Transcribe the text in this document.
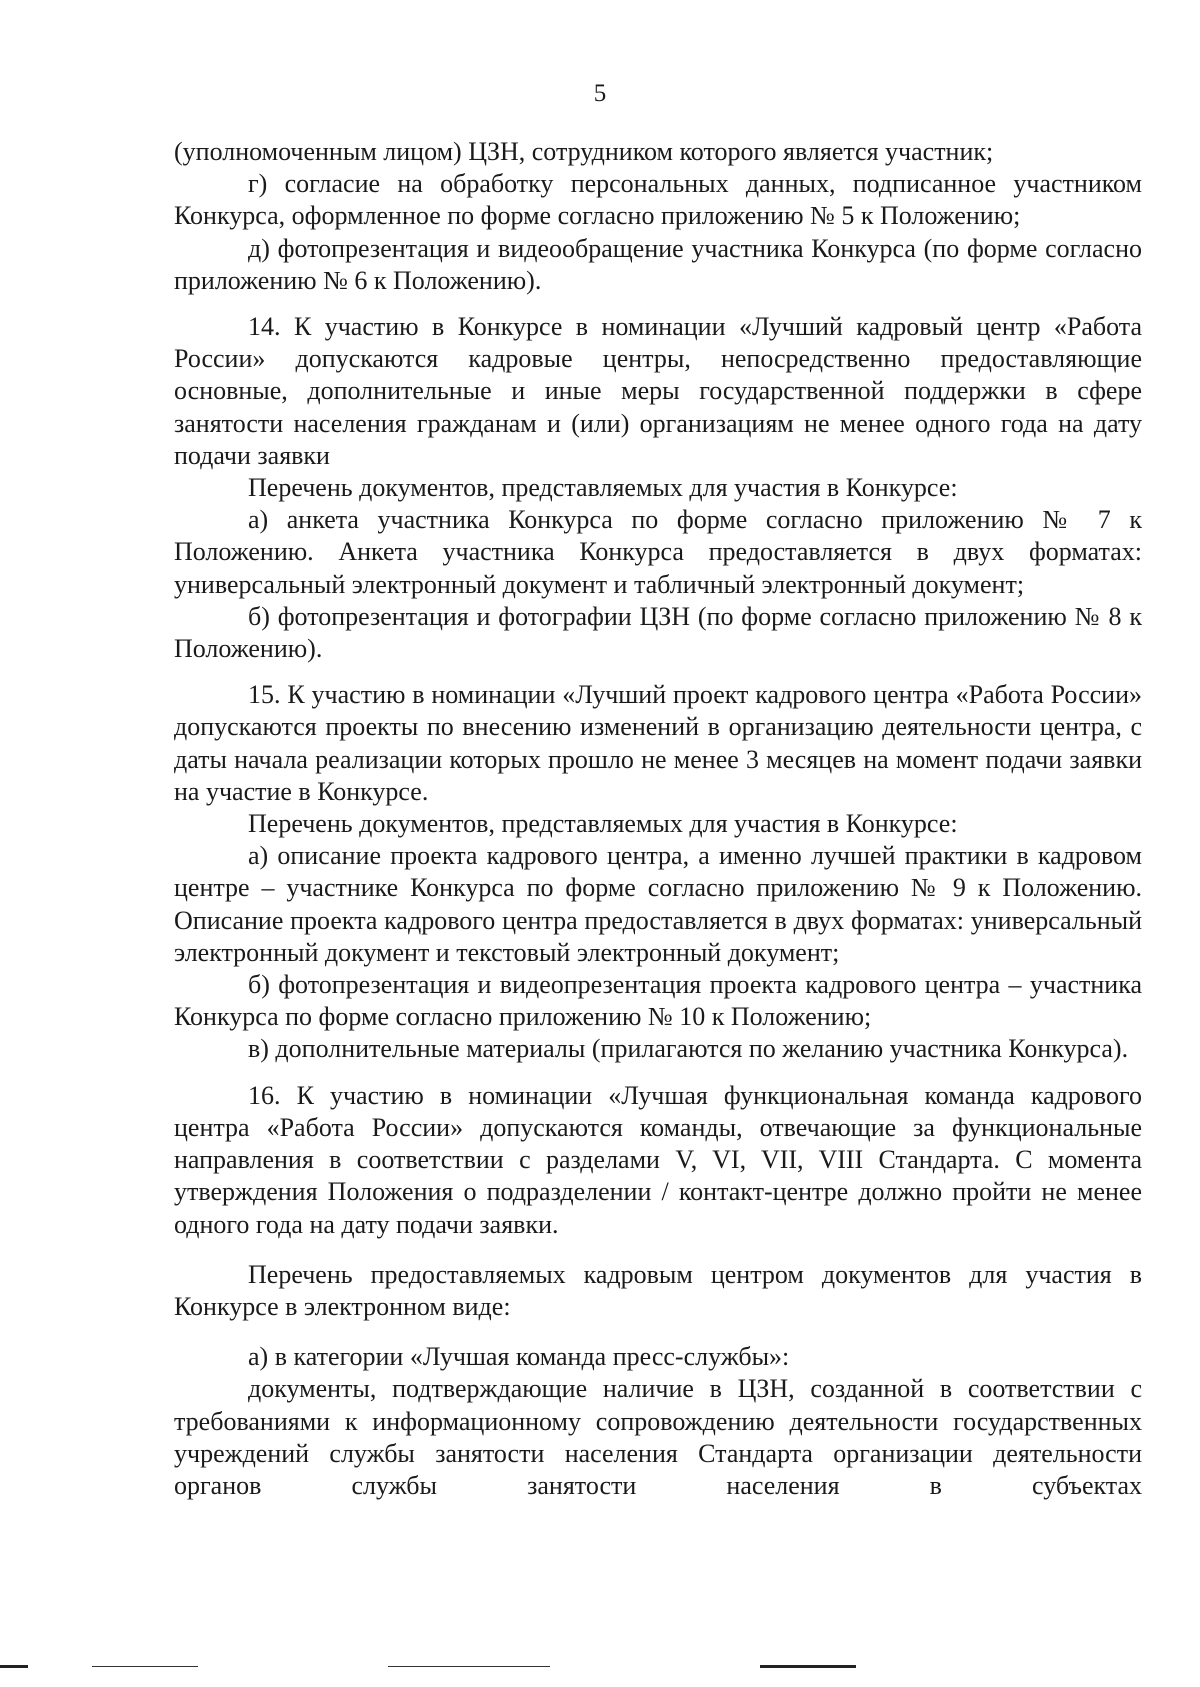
5

(уполномоченным лицом) ЦЗН, сотрудником которого является участник;

г) согласие на обработку персональных данных, подписанное участником Конкурса, оформленное по форме согласно приложению № 5 к Положению;

д) фотопрезентация и видеообращение участника Конкурса (по форме согласно приложению № 6 к Положению).

14. К участию в Конкурсе в номинации «Лучший кадровый центр «Работа России» допускаются кадровые центры, непосредственно предоставляющие основные, дополнительные и иные меры государственной поддержки в сфере занятости населения гражданам и (или) организациям не менее одного года на дату подачи заявки

Перечень документов, представляемых для участия в Конкурсе:

а) анкета участника Конкурса по форме согласно приложению № 7 к Положению. Анкета участника Конкурса предоставляется в двух форматах: универсальный электронный документ и табличный электронный документ;

б) фотопрезентация и фотографии ЦЗН (по форме согласно приложению № 8 к Положению).

15. К участию в номинации «Лучший проект кадрового центра «Работа России» допускаются проекты по внесению изменений в организацию деятельности центра, с даты начала реализации которых прошло не менее 3 месяцев на момент подачи заявки на участие в Конкурсе.

Перечень документов, представляемых для участия в Конкурсе:

а) описание проекта кадрового центра, а именно лучшей практики в кадровом центре – участнике Конкурса по форме согласно приложению № 9 к Положению. Описание проекта кадрового центра предоставляется в двух форматах: универсальный электронный документ и текстовый электронный документ;

б) фотопрезентация и видеопрезентация проекта кадрового центра – участника Конкурса по форме согласно приложению № 10 к Положению;

в) дополнительные материалы (прилагаются по желанию участника Конкурса).

16. К участию в номинации «Лучшая функциональная команда кадрового центра «Работа России» допускаются команды, отвечающие за функциональные направления в соответствии с разделами V, VI, VII, VIII Стандарта. С момента утверждения Положения о подразделении / контакт-центре должно пройти не менее одного года на дату подачи заявки.

Перечень предоставляемых кадровым центром документов для участия в Конкурсе в электронном виде:

а) в категории «Лучшая команда пресс-службы»:

документы, подтверждающие наличие в ЦЗН, созданной в соответствии с требованиями к информационному сопровождению деятельности государственных учреждений службы занятости населения Стандарта организации деятельности органов службы занятости населения в субъектах
